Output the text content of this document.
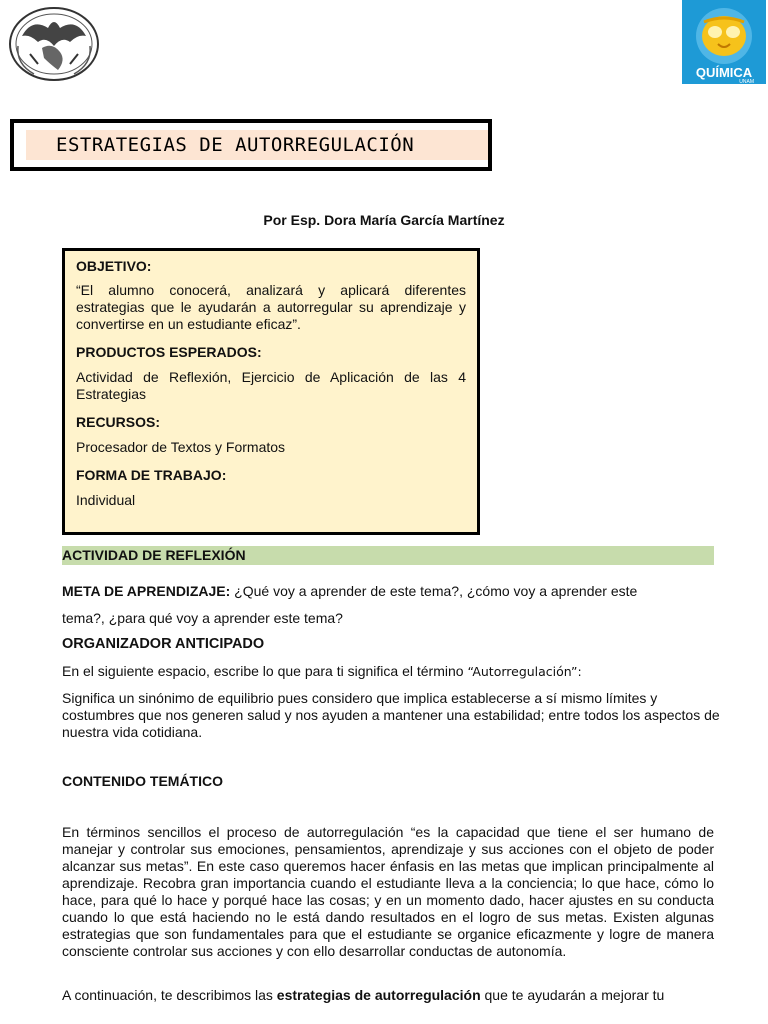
QUÍMICA
UNAM
ESTRATEGIAS DE AUTORREGULACIÓN
Por Esp. Dora María García Martínez
OBJETIVO:

“El alumno conocerá, analizará y aplicará diferentes estrategias que le ayudarán a autorregular su aprendizaje y convertirse en un estudiante eficaz”.

PRODUCTOS ESPERADOS:

Actividad de Reflexión, Ejercicio de Aplicación de las 4 Estrategias

RECURSOS:

Procesador de Textos y Formatos

FORMA DE TRABAJO:

Individual

ACTIVIDAD DE REFLEXIÓN
META DE APRENDIZAJE: ¿Qué voy a aprender de este tema?, ¿cómo voy a aprender este
tema?, ¿para qué voy a aprender este tema?
ORGANIZADOR ANTICIPADO
En el siguiente espacio, escribe lo que para ti significa el término “Autorregulación”:
Significa un sinónimo de equilibrio pues considero que implica establecerse a sí mismo límites y costumbres que nos generen salud y nos ayuden a mantener una estabilidad; entre todos los aspectos de nuestra vida cotidiana.
CONTENIDO TEMÁTICO
En términos sencillos el proceso de autorregulación “es la capacidad que tiene el ser humano de manejar y controlar sus emociones, pensamientos, aprendizaje y sus acciones con el objeto de poder alcanzar sus metas”. En este caso queremos hacer énfasis en las metas que implican principalmente al aprendizaje. Recobra gran importancia cuando el estudiante lleva a la conciencia; lo que hace, cómo lo hace, para qué lo hace y porqué hace las cosas; y en un momento dado, hacer ajustes en su conducta cuando lo que está haciendo no le está dando resultados en el logro de sus metas. Existen algunas estrategias que son fundamentales para que el estudiante se organice eficazmente y logre de manera consciente controlar sus acciones y con ello desarrollar conductas de autonomía.
A continuación, te describimos las estrategias de autorregulación que te ayudarán a mejorar tu
